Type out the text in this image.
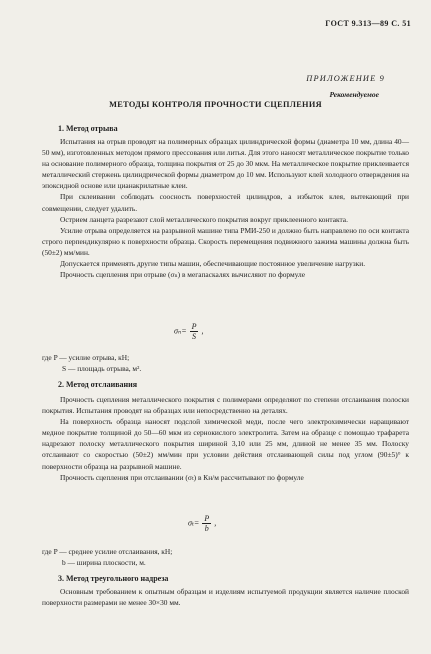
ГОСТ 9.313—89 С. 51
ПРИЛОЖЕНИЕ 9
Рекомендуемое
МЕТОДЫ КОНТРОЛЯ ПРОЧНОСТИ СЦЕПЛЕНИЯ
1. Метод отрыва

Испытания на отрыв проводят на полимерных образцах цилиндрической формы (диаметра 10 мм, длина 40—50 мм), изготовленных методом прямого прессования или литья. Для этого наносят металлическое покрытие только на основание полимерного образца, толщина покрытия от 25 до 30 мкм. На металлическое покрытие приклеивается металлический стержень цилиндрической формы диаметром до 10 мм. Используют клей холодного отверждения на эпоксидной основе или цианакрилатные клеи.

При склеивании соблюдать соосность поверхностей цилиндров, а избыток клея, вытекающий при совмещении, следует удалить.

Острием ланцета разрезают слой металлического покрытия вокруг приклеенного контакта.

Усилие отрыва определяется на разрывной машине типа РМИ-250 и должно быть направлено по оси контакта строго перпендикулярно к поверхности образца. Скорость перемещения подвижного зажима машины должна быть (50±2) мм/мин.

Допускается применять другие типы машин, обеспечивающие постоянное увеличение нагрузки.

Прочность сцепления при отрыве (σₙ) в мегапаскалях вычисляют по формуле

$\sigma_n= \frac{P}{S}$ ,
где P — усилие отрыва, кН;
S — площадь отрыва, м².
2. Метод отслаивания

Прочность сцепления металлического покрытия с полимерами определяют по степени отслаивания полоски покрытия. Испытания проводят на образцах или непосредственно на деталях.

На поверхность образца наносят подслой химической меди, после чего электрохимически наращивают медное покрытие толщиной до 50—60 мкм из сернокислого электролита. Затем на образце с помощью трафарета надрезают полоску металлического покрытия шириной 3,10 или 25 мм, длиной не менее 35 мм. Полоску отслаивают со скоростью (50±2) мм/мин при условии действия отслаивающей силы под углом (90±5)° к поверхности образца на разрывной машине.

Прочность сцепления при отслаивании (σₜ) в Кн/м рассчитывают по формуле

$\sigma_t= \frac{P}{b}$ ,
где P — среднее усилие отслаивания, кН;
b — ширина плоскости, м.
3. Метод треугольного надреза

Основным требованием к опытным образцам и изделиям испытуемой продукции является наличие плоской поверхности размерами не менее 30×30 мм.
